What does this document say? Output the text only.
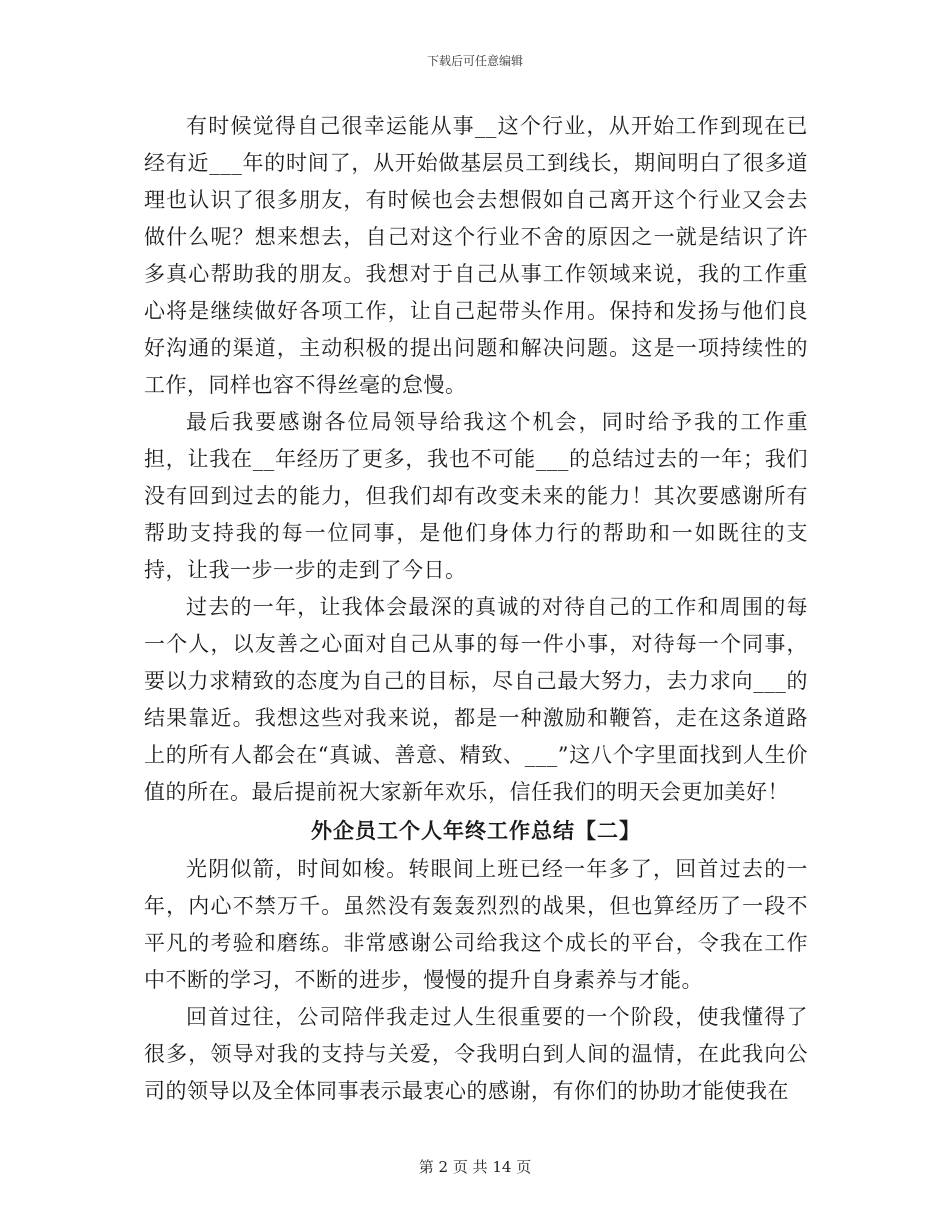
下载后可任意编辑

有时候觉得自己很幸运能从事__这个行业，从开始工作到现在已经有近___年的时间了，从开始做基层员工到线长，期间明白了很多道理也认识了很多朋友，有时候也会去想假如自己离开这个行业又会去做什么呢？想来想去，自己对这个行业不舍的原因之一就是结识了许多真心帮助我的朋友。我想对于自己从事工作领域来说，我的工作重心将是继续做好各项工作，让自己起带头作用。保持和发扬与他们良好沟通的渠道，主动积极的提出问题和解决问题。这是一项持续性的工作，同样也容不得丝毫的怠慢。

最后我要感谢各位局领导给我这个机会，同时给予我的工作重担，让我在__年经历了更多，我也不可能___的总结过去的一年；我们没有回到过去的能力，但我们却有改变未来的能力！其次要感谢所有帮助支持我的每一位同事，是他们身体力行的帮助和一如既往的支持，让我一步一步的走到了今日。

过去的一年，让我体会最深的真诚的对待自己的工作和周围的每一个人，以友善之心面对自己从事的每一件小事，对待每一个同事，要以力求精致的态度为自己的目标，尽自己最大努力，去力求向___的结果靠近。我想这些对我来说，都是一种激励和鞭笞，走在这条道路上的所有人都会在“真诚、善意、精致、___”这八个字里面找到人生价值的所在。最后提前祝大家新年欢乐，信任我们的明天会更加美好！

外企员工个人年终工作总结【二】

光阴似箭，时间如梭。转眼间上班已经一年多了，回首过去的一年，内心不禁万千。虽然没有轰轰烈烈的战果，但也算经历了一段不平凡的考验和磨练。非常感谢公司给我这个成长的平台，令我在工作中不断的学习，不断的进步，慢慢的提升自身素养与才能。

回首过往，公司陪伴我走过人生很重要的一个阶段，使我懂得了很多，领导对我的支持与关爱，令我明白到人间的温情，在此我向公司的领导以及全体同事表示最衷心的感谢，有你们的协助才能使我在

第 2 页 共 14 页
